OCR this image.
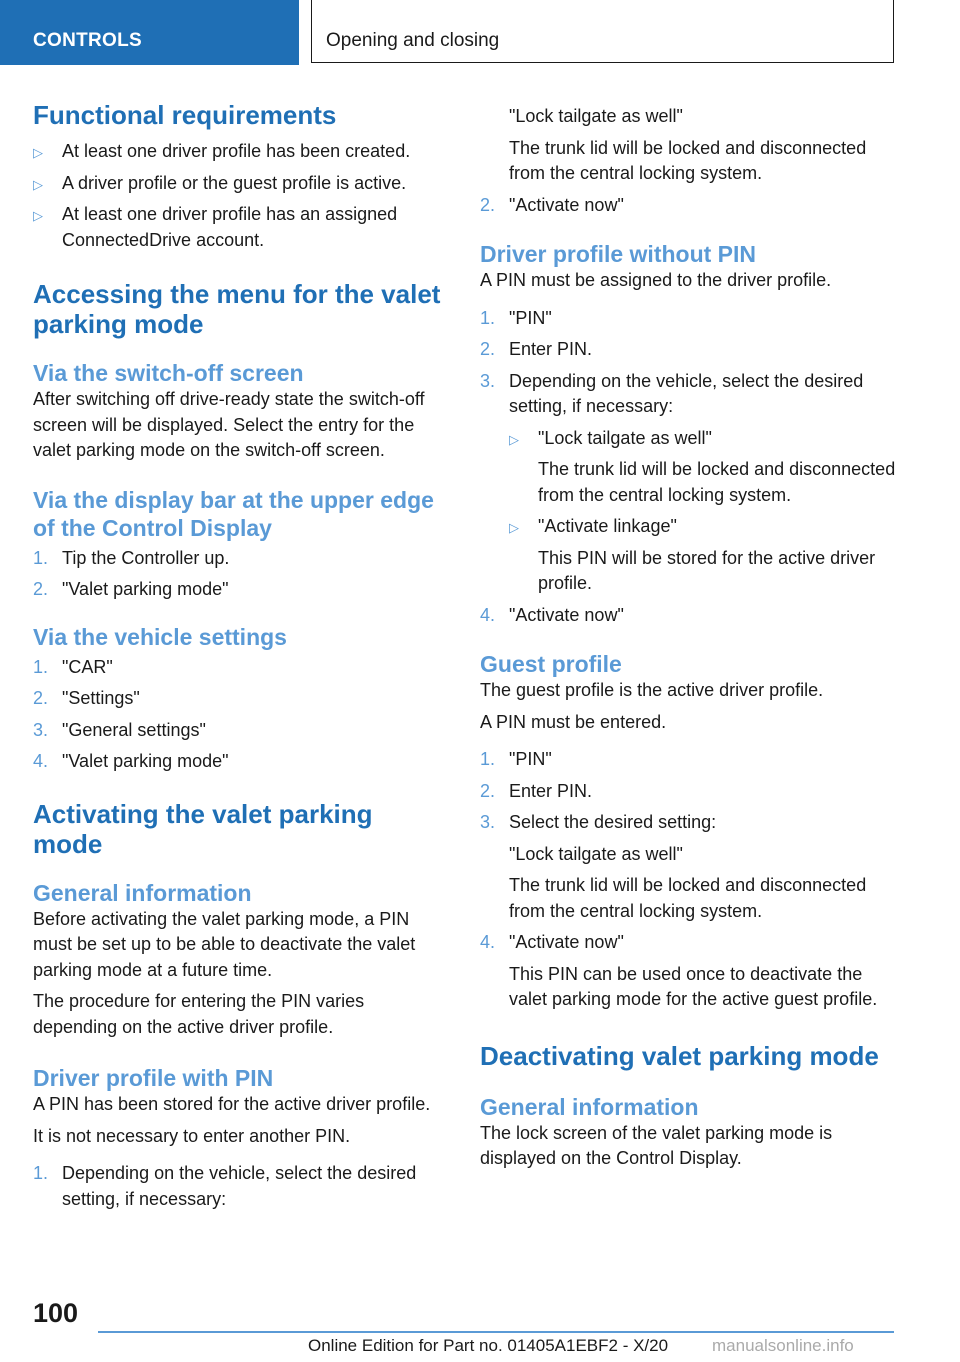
CONTROLS	Opening and closing
Functional requirements
▷ At least one driver profile has been created.
▷ A driver profile or the guest profile is active.
▷ At least one driver profile has an assigned ConnectedDrive account.
Accessing the menu for the valet parking mode
Via the switch-off screen

After switching off drive-ready state the switch-off screen will be displayed. Select the entry for the valet parking mode on the switch-off screen.

Via the display bar at the upper edge of the Control Display
1. Tip the Controller up.
2. "Valet parking mode"
Via the vehicle settings
1. "CAR"
2. "Settings"
3. "General settings"
4. "Valet parking mode"
Activating the valet parking mode
General information

Before activating the valet parking mode, a PIN must be set up to be able to deactivate the valet parking mode at a future time.

The procedure for entering the PIN varies depending on the active driver profile.

Driver profile with PIN

A PIN has been stored for the active driver profile.

It is not necessary to enter another PIN.

1. Depending on the vehicle, select the desired setting, if necessary:

"Lock tailgate as well"

The trunk lid will be locked and disconnected from the central locking system.

2. "Activate now"
Driver profile without PIN

A PIN must be assigned to the driver profile.

1. "PIN"
2. Enter PIN.
3. Depending on the vehicle, select the desired setting, if necessary:
▷ "Lock tailgate as well"

The trunk lid will be locked and disconnected from the central locking system.

▷ "Activate linkage"

This PIN will be stored for the active driver profile.

4. "Activate now"
Guest profile

The guest profile is the active driver profile.

A PIN must be entered.

1. "PIN"
2. Enter PIN.
3. Select the desired setting:

"Lock tailgate as well"

The trunk lid will be locked and disconnected from the central locking system.

4. "Activate now"

This PIN can be used once to deactivate the valet parking mode for the active guest profile.

Deactivating valet parking mode
General information

The lock screen of the valet parking mode is displayed on the Control Display.

100
Online Edition for Part no. 01405A1EBF2 - X/20	manualsonline.info
